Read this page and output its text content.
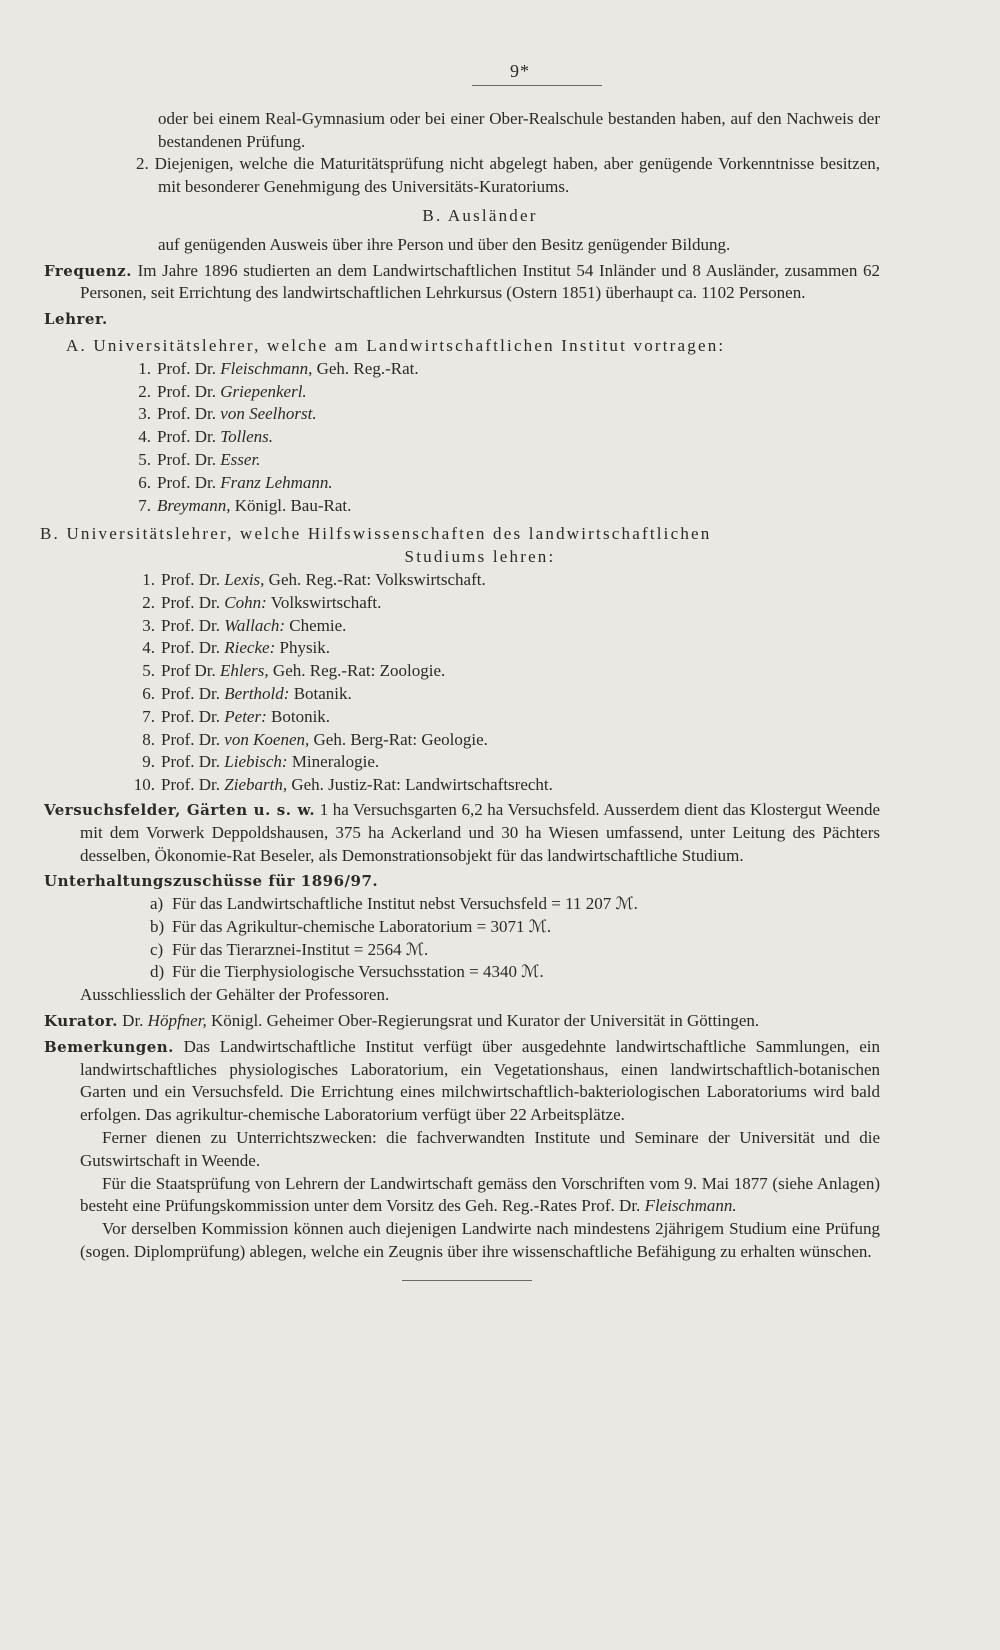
9*

oder bei einem Real-Gymnasium oder bei einer Ober-Realschule bestanden haben, auf den Nachweis der bestandenen Prüfung.

2. Diejenigen, welche die Maturitätsprüfung nicht abgelegt haben, aber genügende Vorkenntnisse besitzen, mit besonderer Genehmigung des Universitäts-Kuratoriums.

B. Ausländer

auf genügenden Ausweis über ihre Person und über den Besitz genügender Bildung.

Frequenz. Im Jahre 1896 studierten an dem Landwirtschaftlichen Institut 54 Inländer und 8 Ausländer, zusammen 62 Personen, seit Errichtung des landwirtschaftlichen Lehrkursus (Ostern 1851) überhaupt ca. 1102 Personen.

Lehrer.

A. Universitätslehrer, welche am Landwirtschaftlichen Institut vortragen:

1. Prof. Dr. Fleischmann, Geh. Reg.-Rat.
2. Prof. Dr. Griepenkerl.
3. Prof. Dr. von Seelhorst.
4. Prof. Dr. Tollens.
5. Prof. Dr. Esser.
6. Prof. Dr. Franz Lehmann.
7. Breymann, Königl. Bau-Rat.

B. Universitätslehrer, welche Hilfswissenschaften des landwirtschaftlichen

Studiums lehren:

1. Prof. Dr. Lexis, Geh. Reg.-Rat: Volkswirtschaft.
2. Prof. Dr. Cohn: Volkswirtschaft.
3. Prof. Dr. Wallach: Chemie.
4. Prof. Dr. Riecke: Physik.
5. Prof Dr. Ehlers, Geh. Reg.-Rat: Zoologie.
6. Prof. Dr. Berthold: Botanik.
7. Prof. Dr. Peter: Botonik.
8. Prof. Dr. von Koenen, Geh. Berg-Rat: Geologie.
9. Prof. Dr. Liebisch: Mineralogie.
10. Prof. Dr. Ziebarth, Geh. Justiz-Rat: Landwirtschaftsrecht.

Versuchsfelder, Gärten u. s. w. 1 ha Versuchsgarten 6,2 ha Versuchsfeld. Ausserdem dient das Klostergut Weende mit dem Vorwerk Deppoldshausen, 375 ha Ackerland und 30 ha Wiesen umfassend, unter Leitung des Pächters desselben, Ökonomie-Rat Beseler, als Demonstrationsobjekt für das landwirtschaftliche Studium.

Unterhaltungszuschüsse für 1896/97.

a) Für das Landwirtschaftliche Institut nebst Versuchsfeld = 11 207 ℳ.
b) Für das Agrikultur-chemische Laboratorium = 3071 ℳ.
c) Für das Tierarznei-Institut = 2564 ℳ.
d) Für die Tierphysiologische Versuchsstation = 4340 ℳ.

Ausschliesslich der Gehälter der Professoren.

Kurator. Dr. Höpfner, Königl. Geheimer Ober-Regierungsrat und Kurator der Universität in Göttingen.

Bemerkungen. Das Landwirtschaftliche Institut verfügt über ausgedehnte landwirtschaftliche Sammlungen, ein landwirtschaftliches physiologisches Laboratorium, ein Vegetationshaus, einen landwirtschaftlich-botanischen Garten und ein Versuchsfeld. Die Errichtung eines milchwirtschaftlich-bakteriologischen Laboratoriums wird bald erfolgen. Das agrikultur-chemische Laboratorium verfügt über 22 Arbeitsplätze.

Ferner dienen zu Unterrichtszwecken: die fachverwandten Institute und Seminare der Universität und die Gutswirtschaft in Weende.

Für die Staatsprüfung von Lehrern der Landwirtschaft gemäss den Vorschriften vom 9. Mai 1877 (siehe Anlagen) besteht eine Prüfungskommission unter dem Vorsitz des Geh. Reg.-Rates Prof. Dr. Fleischmann.

Vor derselben Kommission können auch diejenigen Landwirte nach mindestens 2jährigem Studium eine Prüfung (sogen. Diplomprüfung) ablegen, welche ein Zeugnis über ihre wissenschaftliche Befähigung zu erhalten wünschen.
